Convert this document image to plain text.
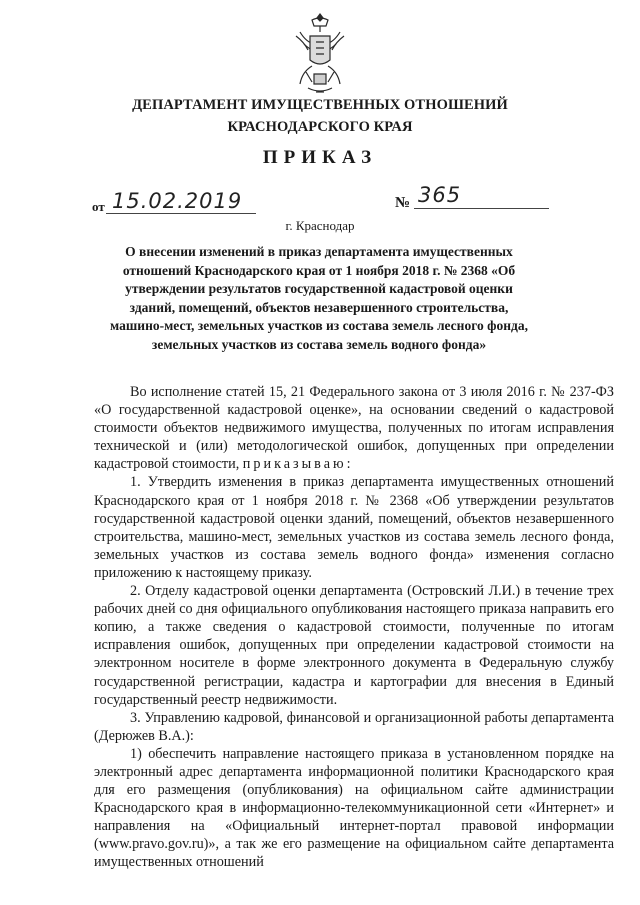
ДЕПАРТАМЕНТ ИМУЩЕСТВЕННЫХ ОТНОШЕНИЙ
КРАСНОДАРСКОГО КРАЯ
ПРИКАЗ
от 15.02.2019	№ 365
г. Краснодар
О внесении изменений в приказ департамента имущественных отношений Краснодарского края от 1 ноября 2018 г. № 2368 «Об утверждении результатов государственной кадастровой оценки зданий, помещений, объектов незавершенного строительства, машино-мест, земельных участков из состава земель лесного фонда, земельных участков из состава земель водного фонда»

Во исполнение статей 15, 21 Федерального закона от 3 июля 2016 г. № 237-ФЗ «О государственной кадастровой оценке», на основании сведений о кадастровой стоимости объектов недвижимого имущества, полученных по итогам исправления технической и (или) методологической ошибок, допущенных при определении кадастровой стоимости, приказываю:

1. Утвердить изменения в приказ департамента имущественных отношений Краснодарского края от 1 ноября 2018 г. № 2368 «Об утверждении результатов государственной кадастровой оценки зданий, помещений, объектов незавершенного строительства, машино-мест, земельных участков из состава земель лесного фонда, земельных участков из состава земель водного фонда» изменения согласно приложению к настоящему приказу.

2. Отделу кадастровой оценки департамента (Островский Л.И.) в течение трех рабочих дней со дня официального опубликования настоящего приказа направить его копию, а также сведения о кадастровой стоимости, полученные по итогам исправления ошибок, допущенных при определении кадастровой стоимости на электронном носителе в форме электронного документа в Федеральную службу государственной регистрации, кадастра и картографии для внесения в Единый государственный реестр недвижимости.

3. Управлению кадровой, финансовой и организационной работы департамента (Дерюжев В.А.):

1) обеспечить направление настоящего приказа в установленном порядке на электронный адрес департамента информационной политики Краснодарского края для его размещения (опубликования) на официальном сайте администрации Краснодарского края в информационно-телекоммуникационной сети «Интернет» и направления на «Официальный интернет-портал правовой информации (www.pravo.gov.ru)», а так же его размещение на официальном сайте департамента имущественных отношений
